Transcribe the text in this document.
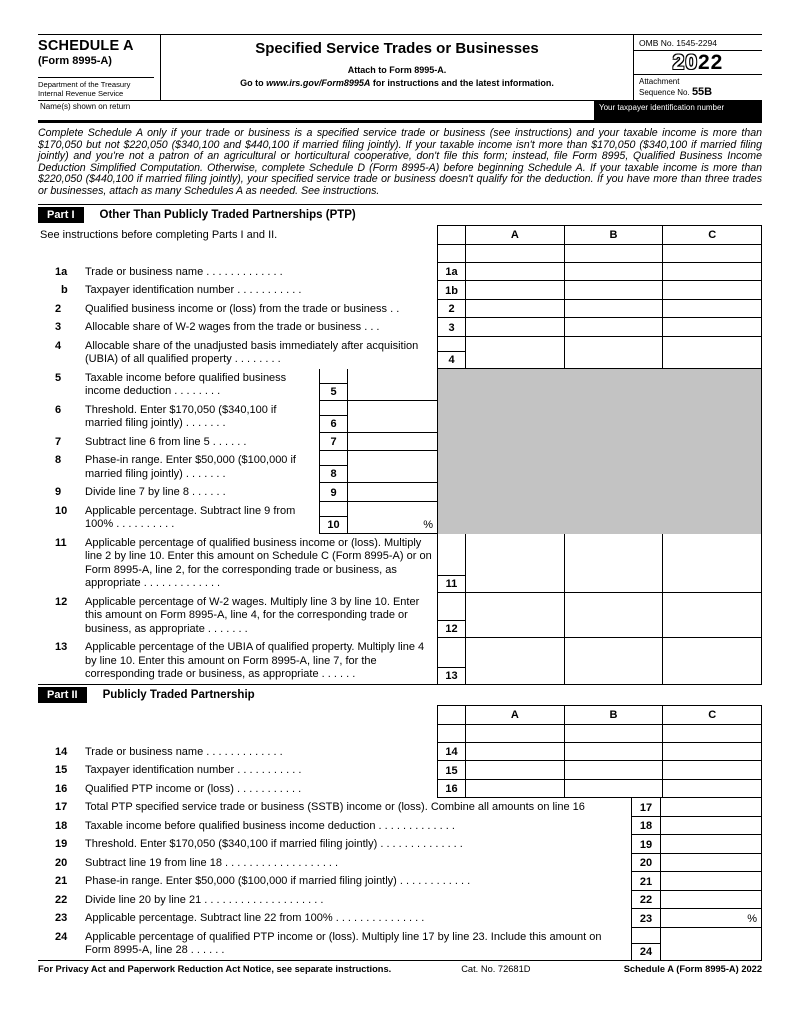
SCHEDULE A
(Form 8995-A)
Department of the Treasury
Internal Revenue Service
Specified Service Trades or Businesses
Attach to Form 8995-A.
Go to www.irs.gov/Form8995A for instructions and the latest information.
OMB No. 1545-2294
2022
Attachment
Sequence No. 55B
Name(s) shown on return	Your taxpayer identification number
Complete Schedule A only if your trade or business is a specified service trade or business (see instructions) and your taxable income is more than $170,050 but not $220,050 ($340,100 and $440,100 if married filing jointly). If your taxable income isn't more than $170,050 ($340,100 if married filing jointly) and you're not a patron of an agricultural or horticultural cooperative, don't file this form; instead, file Form 8995, Qualified Business Income Deduction Simplified Computation. Otherwise, complete Schedule D (Form 8995-A) before beginning Schedule A. If your taxable income is more than $220,050 ($440,100 if married filing jointly), your specified service trade or business doesn't qualify for the deduction. If you have more than three trades or businesses, attach as many Schedules A as needed. See instructions.
Part I	Other Than Publicly Traded Partnerships (PTP)
See instructions before completing Parts I and II.	A	B	C
1a	Trade or business name . . . . . . . . . . . . .	1a
b	Taxpayer identification number . . . . . . . . . . .	1b
2	Qualified business income or (loss) from the trade or business . .	2
3	Allocable share of W-2 wages from the trade or business . . .	3
4	Allocable share of the unadjusted basis immediately after acquisition (UBIA) of all qualified property . . . . . . . .	4
5	Taxable income before qualified business income deduction . . . . . . . .	5
6	Threshold. Enter $170,050 ($340,100 if married filing jointly) . . . . . . .	6
7	Subtract line 6 from line 5 . . . . . .	7
8	Phase-in range. Enter $50,000 ($100,000 if married filing jointly) . . . . . . .	8
9	Divide line 7 by line 8 . . . . . .	9
10	Applicable percentage. Subtract line 9 from 100% . . . . . . . . . .	10	%
11	Applicable percentage of qualified business income or (loss). Multiply line 2 by line 10. Enter this amount on Schedule C (Form 8995-A) or on Form 8995-A, line 2, for the corresponding trade or business, as appropriate . . . . . . . . . . . . .	11
12	Applicable percentage of W-2 wages. Multiply line 3 by line 10. Enter this amount on Form 8995-A, line 4, for the corresponding trade or business, as appropriate . . . . . . .	12
13	Applicable percentage of the UBIA of qualified property. Multiply line 4 by line 10. Enter this amount on Form 8995-A, line 7, for the corresponding trade or business, as appropriate . . . . . .	13
Part II	Publicly Traded Partnership
A	B	C
14	Trade or business name . . . . . . . . . . . . .	14
15	Taxpayer identification number . . . . . . . . . . .	15
16	Qualified PTP income or (loss) . . . . . . . . . . .	16
17	Total PTP specified service trade or business (SSTB) income or (loss). Combine all amounts on line 16	17
18	Taxable income before qualified business income deduction . . . . . . . . . . . . .	18
19	Threshold. Enter $170,050 ($340,100 if married filing jointly) . . . . . . . . . . . . . .	19
20	Subtract line 19 from line 18 . . . . . . . . . . . . . . . . . . .	20
21	Phase-in range. Enter $50,000 ($100,000 if married filing jointly) . . . . . . . . . . . .	21
22	Divide line 20 by line 21 . . . . . . . . . . . . . . . . . . . .	22
23	Applicable percentage. Subtract line 22 from 100% . . . . . . . . . . . . . . .	23	%
24	Applicable percentage of qualified PTP income or (loss). Multiply line 17 by line 23. Include this amount on Form 8995-A, line 28 . . . . . .	24
For Privacy Act and Paperwork Reduction Act Notice, see separate instructions.	Cat. No. 72681D	Schedule A (Form 8995-A) 2022
